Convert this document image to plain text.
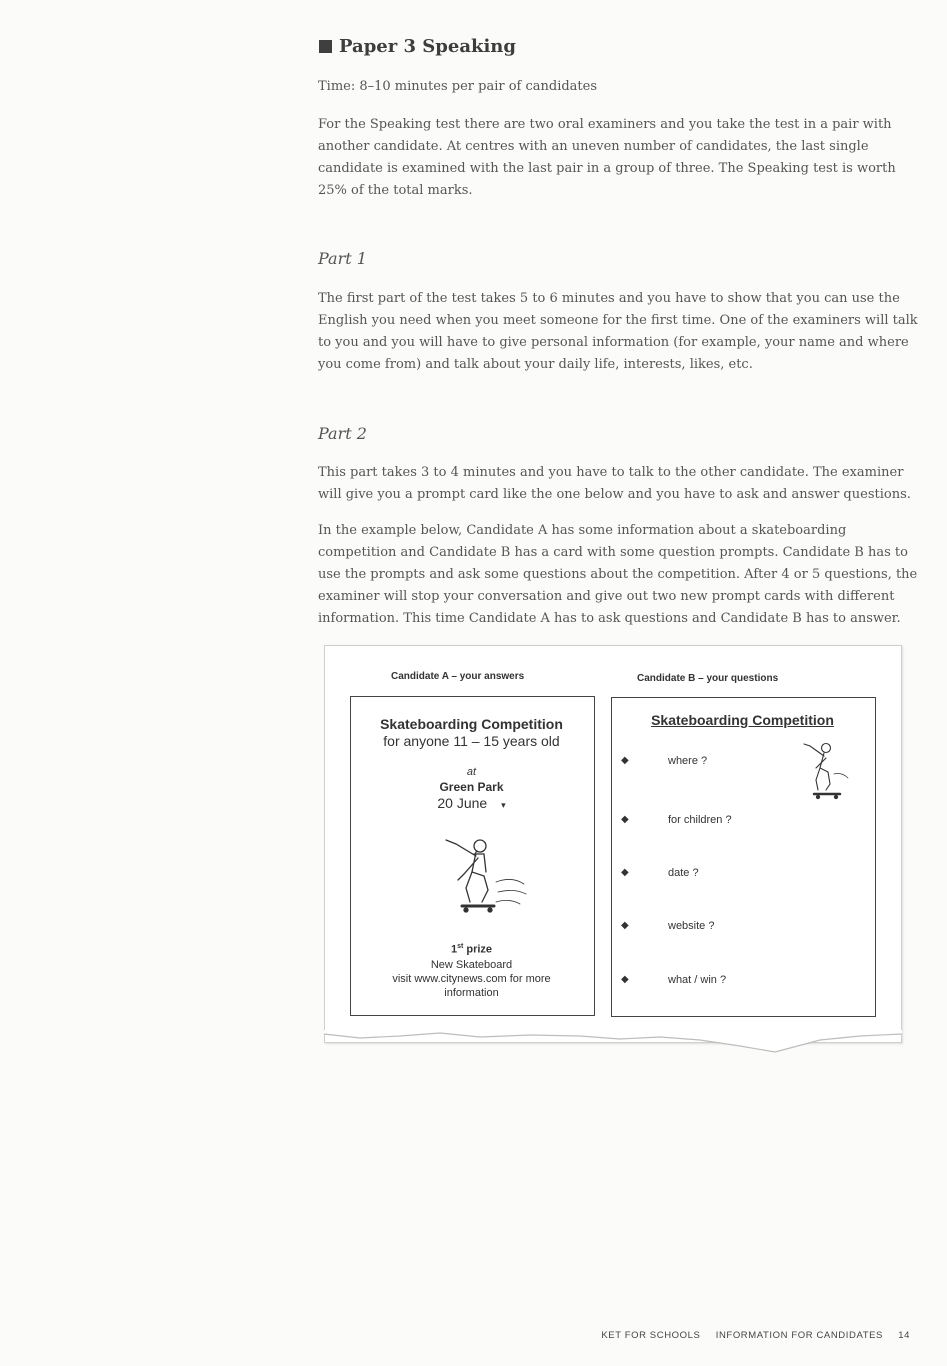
Paper 3 Speaking

Time: 8–10 minutes per pair of candidates

For the Speaking test there are two oral examiners and you take the test in a pair with
another candidate. At centres with an uneven number of candidates, the last single
candidate is examined with the last pair in a group of three. The Speaking test is worth
25% of the total marks.

Part 1

The first part of the test takes 5 to 6 minutes and you have to show that you can use the
English you need when you meet someone for the first time. One of the examiners will talk
to you and you will have to give personal information (for example, your name and where
you come from) and talk about your daily life, interests, likes, etc.

Part 2

This part takes 3 to 4 minutes and you have to talk to the other candidate. The examiner
will give you a prompt card like the one below and you have to ask and answer questions.

In the example below, Candidate A has some information about a skateboarding
competition and Candidate B has a card with some question prompts. Candidate B has to
use the prompts and ask some questions about the competition. After 4 or 5 questions, the
examiner will stop your conversation and give out two new prompt cards with different
information. This time Candidate A has to ask questions and Candidate B has to answer.

Candidate A – your answers	Candidate B – your questions
Skateboarding Competition
for anyone 11 – 15 years old
at
Green Park
20 June ▾
1st prize
New Skateboard
visit www.citynews.com for more
information
Skateboarding Competition
◆	where ?
◆	for children ?
◆	date ?
◆	website ?
◆	what / win ?
KET FOR SCHOOLS INFORMATION FOR CANDIDATES 14
